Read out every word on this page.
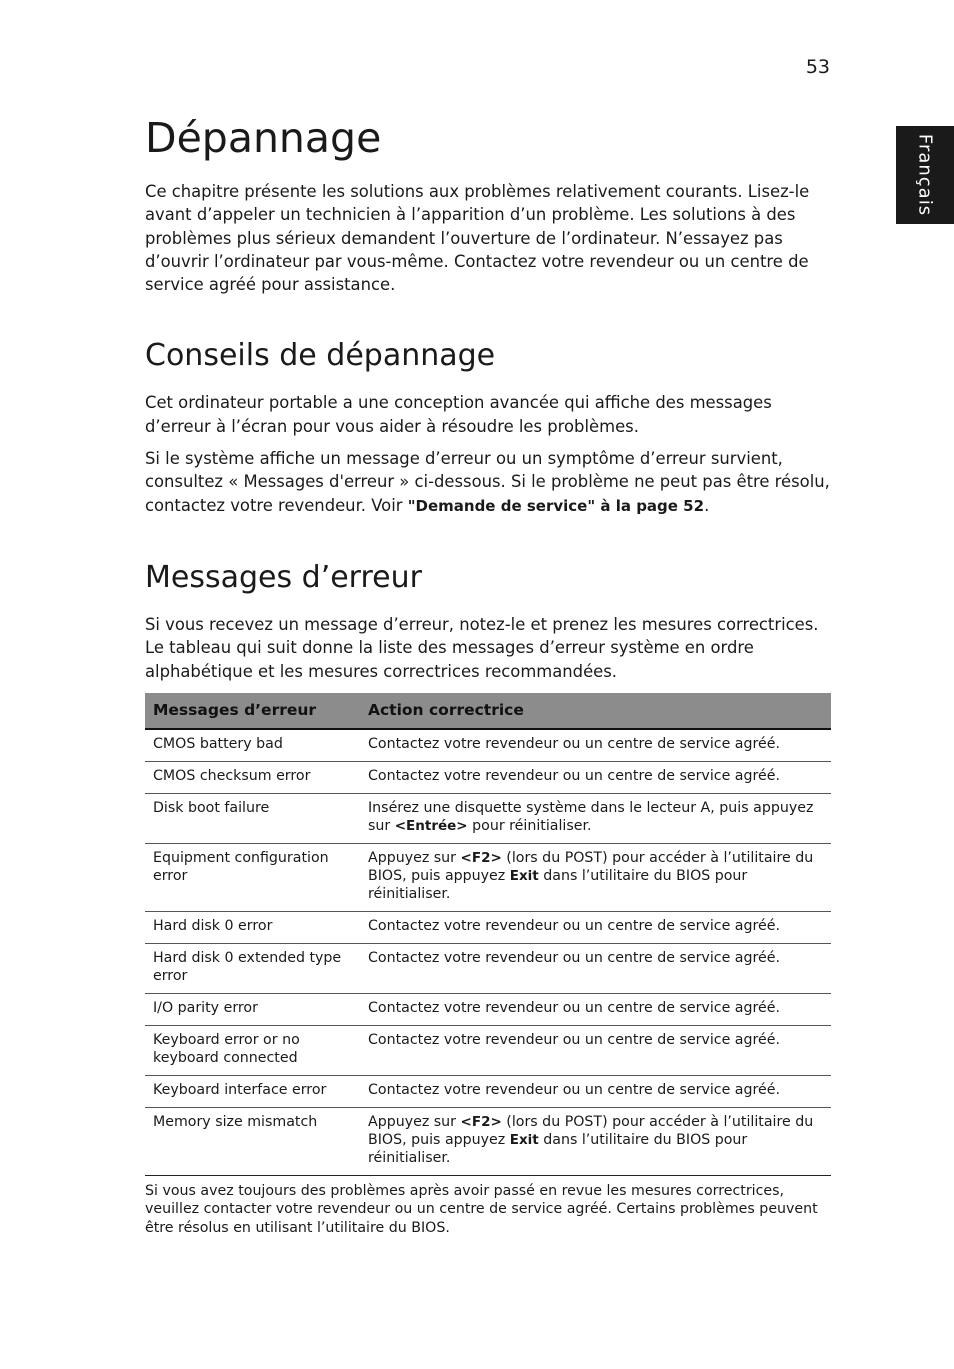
53
Français
Dépannage

Ce chapitre présente les solutions aux problèmes relativement courants. Lisez-le avant d’appeler un technicien à l’apparition d’un problème. Les solutions à des problèmes plus sérieux demandent l’ouverture de l’ordinateur. N’essayez pas d’ouvrir l’ordinateur par vous-même. Contactez votre revendeur ou un centre de service agréé pour assistance.

Conseils de dépannage

Cet ordinateur portable a une conception avancée qui affiche des messages d’erreur à l’écran pour vous aider à résoudre les problèmes.

Si le système affiche un message d’erreur ou un symptôme d’erreur survient, consultez « Messages d'erreur » ci-dessous. Si le problème ne peut pas être résolu, contactez votre revendeur. Voir "Demande de service" à la page 52.

Messages d’erreur

Si vous recevez un message d’erreur, notez-le et prenez les mesures correctrices. Le tableau qui suit donne la liste des messages d’erreur système en ordre alphabétique et les mesures correctrices recommandées.

Messages d’erreur	Action correctrice
CMOS battery bad	Contactez votre revendeur ou un centre de service agréé.
CMOS checksum error	Contactez votre revendeur ou un centre de service agréé.
Disk boot failure	Insérez une disquette système dans le lecteur A, puis appuyez sur <Entrée> pour réinitialiser.
Equipment configuration error	Appuyez sur <F2> (lors du POST) pour accéder à l’utilitaire du BIOS, puis appuyez Exit dans l’utilitaire du BIOS pour réinitialiser.
Hard disk 0 error	Contactez votre revendeur ou un centre de service agréé.
Hard disk 0 extended type error	Contactez votre revendeur ou un centre de service agréé.
I/O parity error	Contactez votre revendeur ou un centre de service agréé.
Keyboard error or no keyboard connected	Contactez votre revendeur ou un centre de service agréé.
Keyboard interface error	Contactez votre revendeur ou un centre de service agréé.
Memory size mismatch	Appuyez sur <F2> (lors du POST) pour accéder à l’utilitaire du BIOS, puis appuyez Exit dans l’utilitaire du BIOS pour réinitialiser.

Si vous avez toujours des problèmes après avoir passé en revue les mesures correctrices, veuillez contacter votre revendeur ou un centre de service agréé. Certains problèmes peuvent être résolus en utilisant l’utilitaire du BIOS.
